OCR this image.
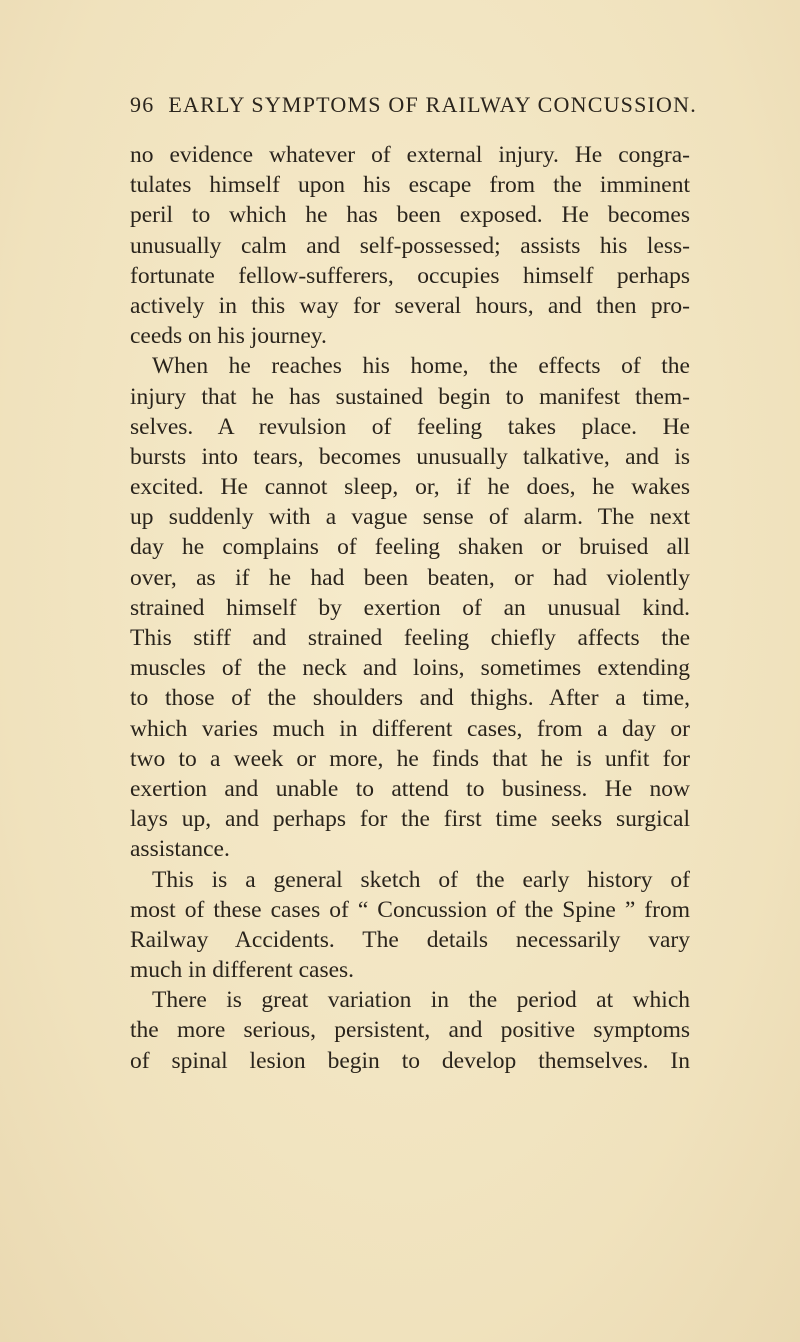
96 EARLY SYMPTOMS OF RAILWAY CONCUSSION.
no evidence whatever of external injury. He congra-
tulates himself upon his escape from the imminent
peril to which he has been exposed. He becomes
unusually calm and self-possessed; assists his less-
fortunate fellow-sufferers, occupies himself perhaps
actively in this way for several hours, and then pro-
ceeds on his journey.
When he reaches his home, the effects of the
injury that he has sustained begin to manifest them-
selves. A revulsion of feeling takes place. He
bursts into tears, becomes unusually talkative, and is
excited. He cannot sleep, or, if he does, he wakes
up suddenly with a vague sense of alarm. The next
day he complains of feeling shaken or bruised all
over, as if he had been beaten, or had violently
strained himself by exertion of an unusual kind.
This stiff and strained feeling chiefly affects the
muscles of the neck and loins, sometimes extending
to those of the shoulders and thighs. After a time,
which varies much in different cases, from a day or
two to a week or more, he finds that he is unfit for
exertion and unable to attend to business. He now
lays up, and perhaps for the first time seeks surgical
assistance.
This is a general sketch of the early history of
most of these cases of “ Concussion of the Spine ” from
Railway Accidents. The details necessarily vary
much in different cases.
There is great variation in the period at which
the more serious, persistent, and positive symptoms
of spinal lesion begin to develop themselves. In
